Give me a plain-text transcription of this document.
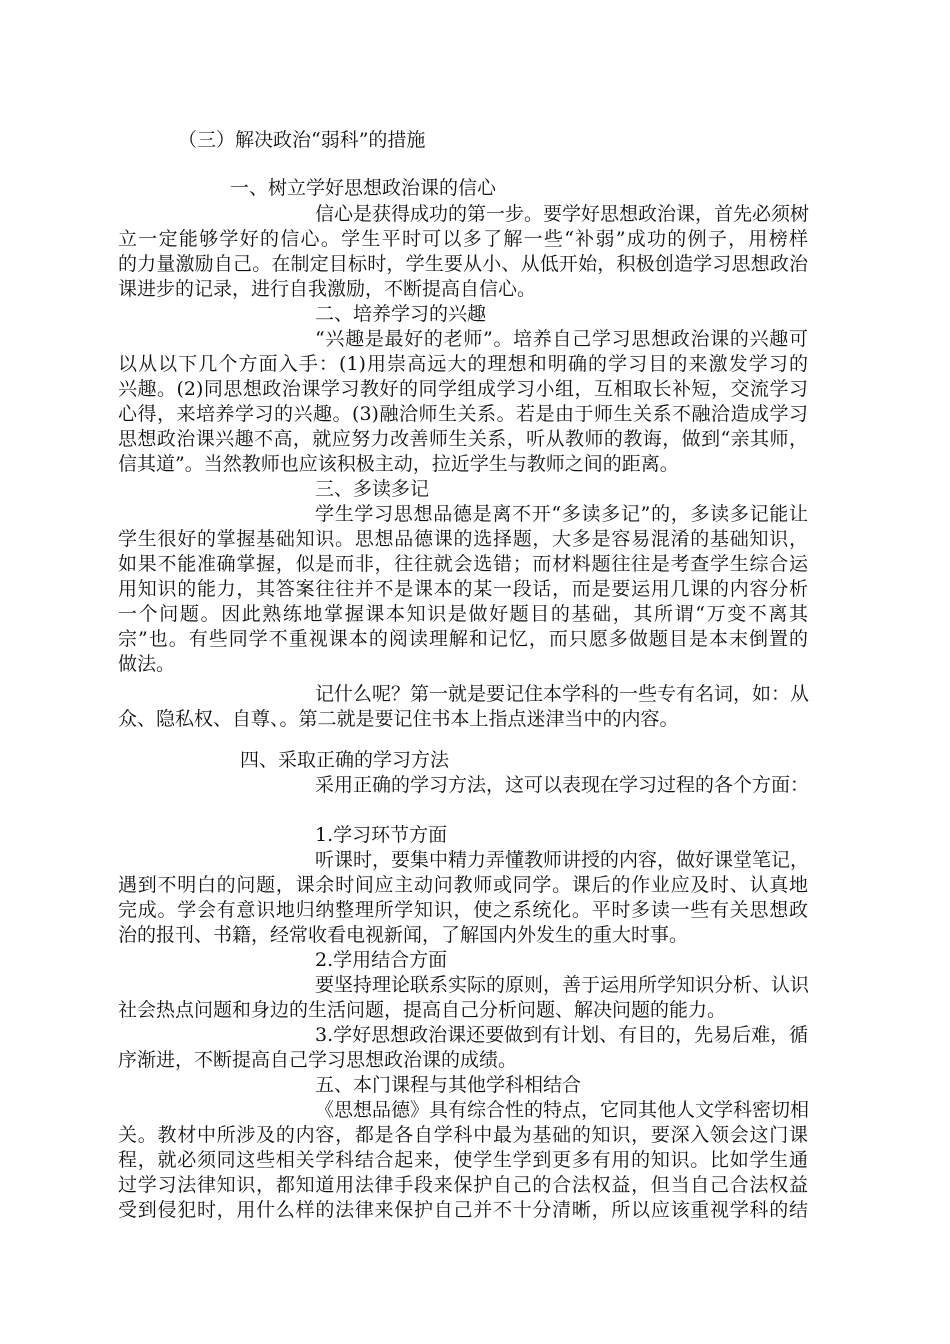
（三）解决政治“弱科”的措施
一、树立学好思想政治课的信心
信心是获得成功的第一步。要学好思想政治课，首先必须树
立一定能够学好的信心。学生平时可以多了解一些“补弱”成功的例子，用榜样
的力量激励自己。在制定目标时，学生要从小、从低开始，积极创造学习思想政治
课进步的记录，进行自我激励，不断提高自信心。
二、培养学习的兴趣
“兴趣是最好的老师”。培养自己学习思想政治课的兴趣可
以从以下几个方面入手：(1)用崇高远大的理想和明确的学习目的来激发学习的
兴趣。(2)同思想政治课学习教好的同学组成学习小组，互相取长补短，交流学习
心得，来培养学习的兴趣。(3)融洽师生关系。若是由于师生关系不融洽造成学习
思想政治课兴趣不高，就应努力改善师生关系，听从教师的教诲，做到“亲其师，
信其道”。当然教师也应该积极主动，拉近学生与教师之间的距离。
三、多读多记
学生学习思想品德是离不开“多读多记”的，多读多记能让
学生很好的掌握基础知识。思想品德课的选择题，大多是容易混淆的基础知识，
如果不能准确掌握，似是而非，往往就会选错；而材料题往往是考查学生综合运
用知识的能力，其答案往往并不是课本的某一段话，而是要运用几课的内容分析
一个问题。因此熟练地掌握课本知识是做好题目的基础，其所谓“万变不离其
宗”也。有些同学不重视课本的阅读理解和记忆，而只愿多做题目是本末倒置的
做法。
记什么呢？第一就是要记住本学科的一些专有名词，如：从
众、隐私权、自尊、。第二就是要记住书本上指点迷津当中的内容。
四、采取正确的学习方法
采用正确的学习方法，这可以表现在学习过程的各个方面：
1.学习环节方面
听课时，要集中精力弄懂教师讲授的内容，做好课堂笔记，
遇到不明白的问题，课余时间应主动问教师或同学。课后的作业应及时、认真地
完成。学会有意识地归纳整理所学知识，使之系统化。平时多读一些有关思想政
治的报刊、书籍，经常收看电视新闻，了解国内外发生的重大时事。
2.学用结合方面
要坚持理论联系实际的原则，善于运用所学知识分析、认识
社会热点问题和身边的生活问题，提高自己分析问题、解决问题的能力。
3.学好思想政治课还要做到有计划、有目的，先易后难，循
序渐进，不断提高自己学习思想政治课的成绩。
五、本门课程与其他学科相结合
《思想品德》具有综合性的特点，它同其他人文学科密切相
关。教材中所涉及的内容，都是各自学科中最为基础的知识，要深入领会这门课
程，就必须同这些相关学科结合起来，使学生学到更多有用的知识。比如学生通
过学习法律知识，都知道用法律手段来保护自己的合法权益，但当自己合法权益
受到侵犯时，用什么样的法律来保护自己并不十分清晰，所以应该重视学科的结
